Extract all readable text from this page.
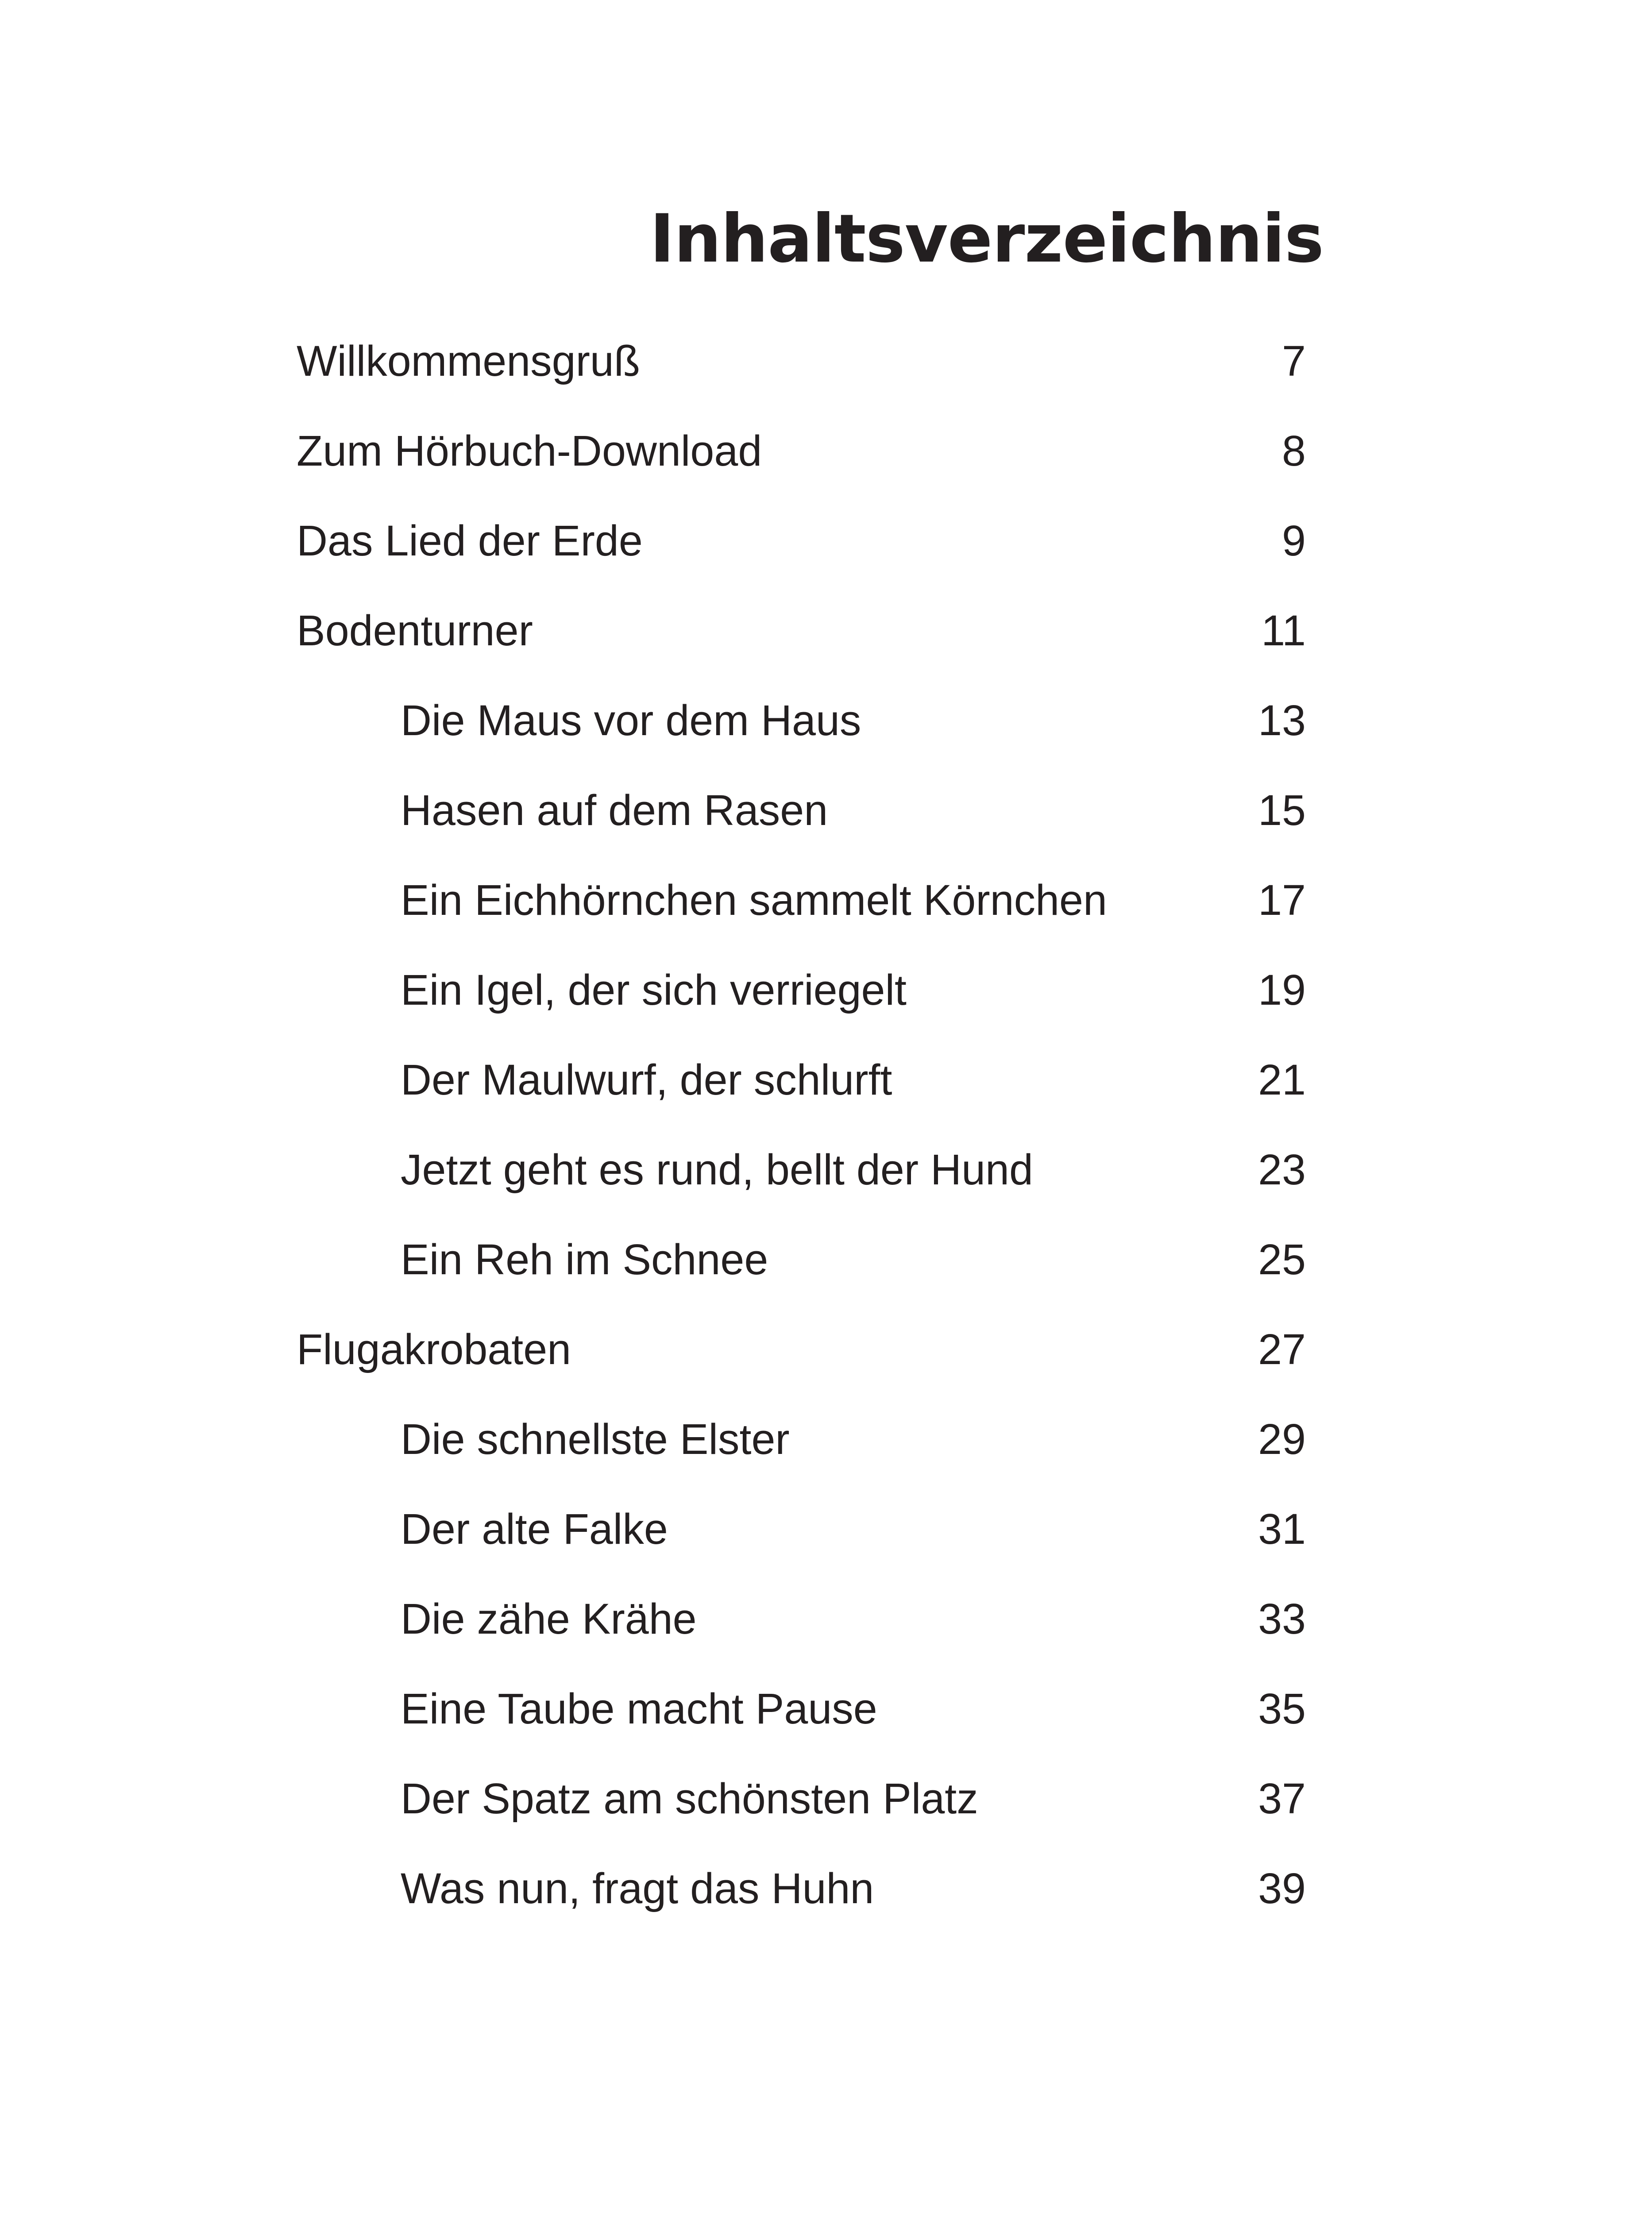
Inhaltsverzeichnis
Willkommensgruß	7
Zum Hörbuch-Download	8
Das Lied der Erde	9
Bodenturner	11
Die Maus vor dem Haus	13
Hasen auf dem Rasen	15
Ein Eichhörnchen sammelt Körnchen	17
Ein Igel, der sich verriegelt	19
Der Maulwurf, der schlurft	21
Jetzt geht es rund, bellt der Hund	23
Ein Reh im Schnee	25
Flugakrobaten	27
Die schnellste Elster	29
Der alte Falke	31
Die zähe Krähe	33
Eine Taube macht Pause	35
Der Spatz am schönsten Platz	37
Was nun, fragt das Huhn	39
